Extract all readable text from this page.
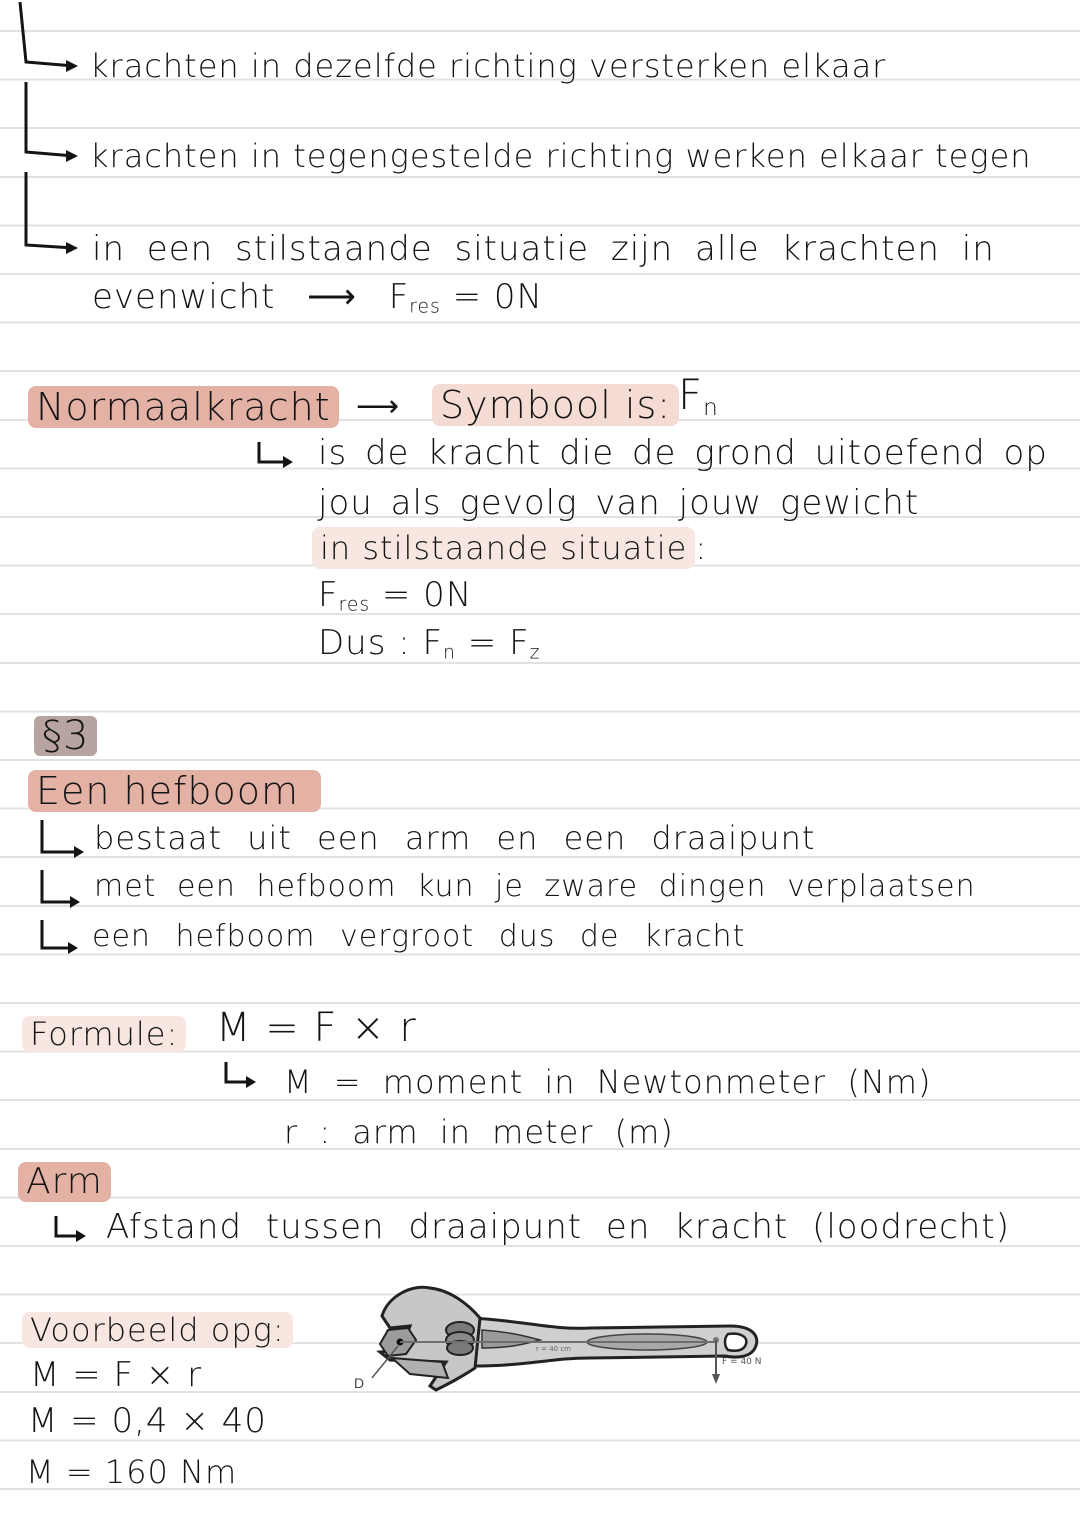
krachten in dezelfde richting versterken elkaar
krachten in tegengestelde richting werken elkaar tegen
in een stilstaande situatie zijn alle krachten in
evenwicht ⟶ $F_{res} = 0N$
Normaalkracht ⟶ Symbool is: $F_n$
is de kracht die de grond uitoefend op
jou als gevolg van jouw gewicht
in stilstaande situatie :
$F_{res} = 0N$
Dus : $F_n = F_z$
§3
Een hefboom
bestaat uit een arm en een draaipunt
met een hefboom kun je zware dingen verplaatsen
een hefboom vergroot dus de kracht
Formule: M = F × r
M = moment in Newtonmeter (Nm)
r : arm in meter (m)
Arm
Afstand tussen draaipunt en kracht (loodrecht)
Voorbeeld opg:
M = F × r
M = 0,4 × 40
M = 160 Nm
D
r = 40 cm
F = 40 N
